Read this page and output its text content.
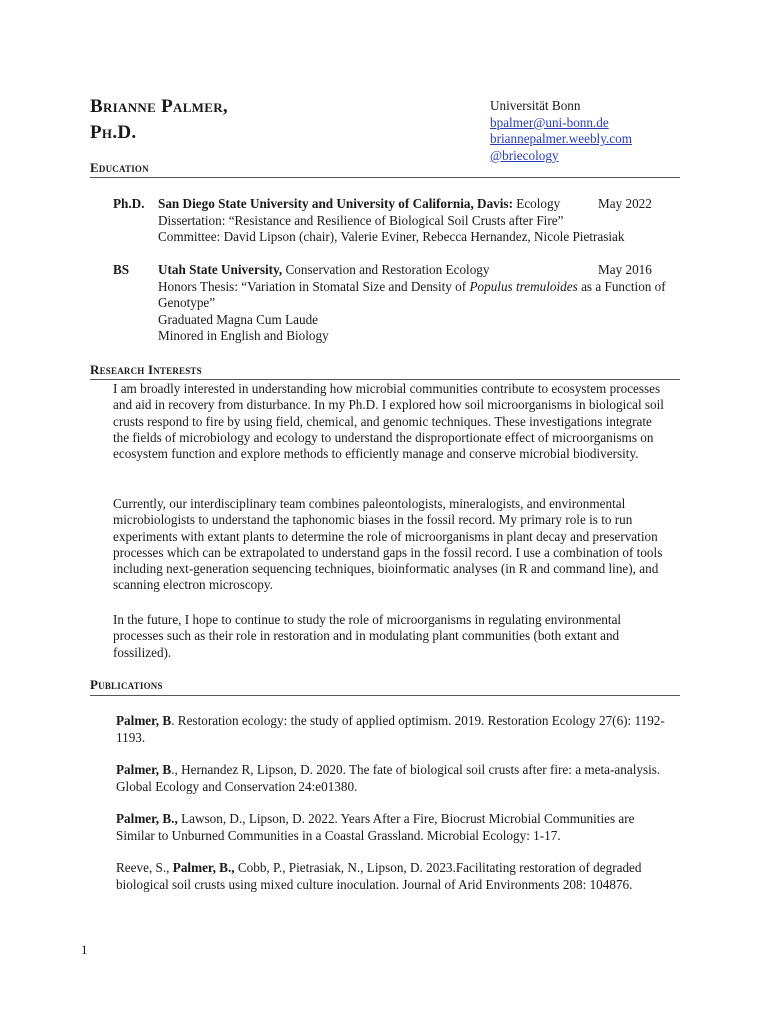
Brianne Palmer,
Ph.D.
Universität Bonn
bpalmer@uni-bonn.de
briannepalmer.weebly.com
@briecology
Education
Ph.D. San Diego State University and University of California, Davis: Ecology
Dissertation: “Resistance and Resilience of Biological Soil Crusts after Fire”
Committee: David Lipson (chair), Valerie Eviner, Rebecca Hernandez, Nicole Pietrasiak
May 2022
BS Utah State University, Conservation and Restoration Ecology
Honors Thesis: “Variation in Stomatal Size and Density of Populus tremuloides as a Function of Genotype”
Graduated Magna Cum Laude
Minored in English and Biology
May 2016
Research Interests
I am broadly interested in understanding how microbial communities contribute to ecosystem processes and aid in recovery from disturbance. In my Ph.D. I explored how soil microorganisms in biological soil crusts respond to fire by using field, chemical, and genomic techniques. These investigations integrate the fields of microbiology and ecology to understand the disproportionate effect of microorganisms on ecosystem function and explore methods to efficiently manage and conserve microbial biodiversity.
Currently, our interdisciplinary team combines paleontologists, mineralogists, and environmental microbiologists to understand the taphonomic biases in the fossil record. My primary role is to run experiments with extant plants to determine the role of microorganisms in plant decay and preservation processes which can be extrapolated to understand gaps in the fossil record. I use a combination of tools including next-generation sequencing techniques, bioinformatic analyses (in R and command line), and scanning electron microscopy.
In the future, I hope to continue to study the role of microorganisms in regulating environmental processes such as their role in restoration and in modulating plant communities (both extant and fossilized).
Publications
Palmer, B. Restoration ecology: the study of applied optimism. 2019. Restoration Ecology 27(6): 1192-1193.
Palmer, B., Hernandez R, Lipson, D. 2020. The fate of biological soil crusts after fire: a meta-analysis. Global Ecology and Conservation 24:e01380.
Palmer, B., Lawson, D., Lipson, D. 2022. Years After a Fire, Biocrust Microbial Communities are Similar to Unburned Communities in a Coastal Grassland. Microbial Ecology: 1-17.
Reeve, S., Palmer, B., Cobb, P., Pietrasiak, N., Lipson, D. 2023.Facilitating restoration of degraded biological soil crusts using mixed culture inoculation. Journal of Arid Environments 208: 104876.
1
